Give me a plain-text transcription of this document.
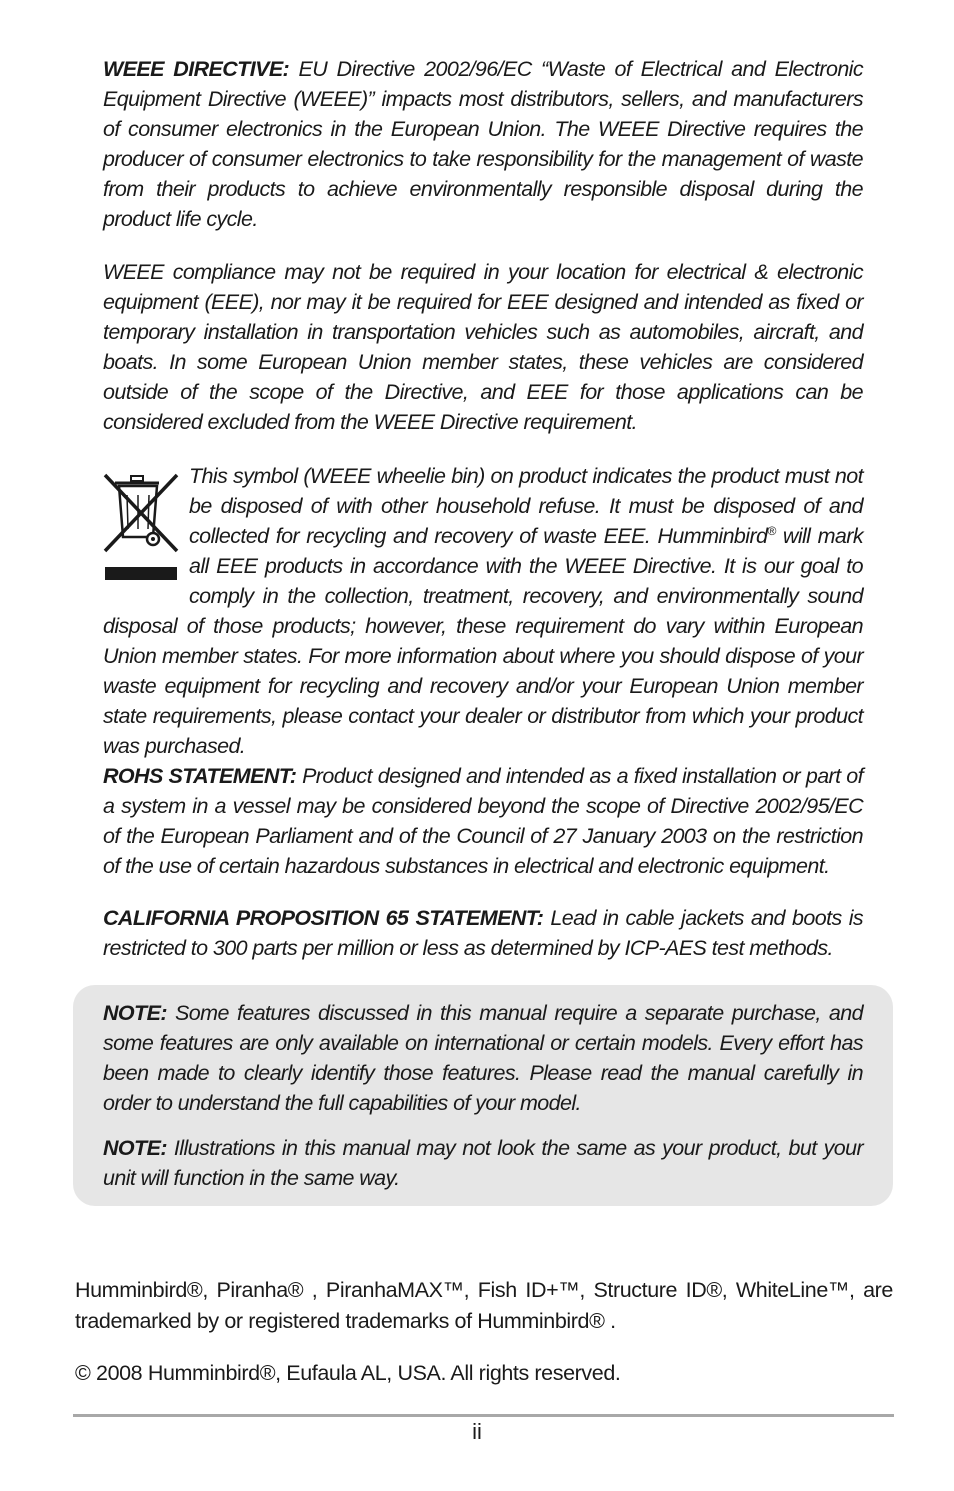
WEEE DIRECTIVE: EU Directive 2002/96/EC “Waste of Electrical and Electronic Equipment Directive (WEEE)” impacts most distributors, sellers, and manufacturers of consumer electronics in the European Union. The WEEE Directive requires the producer of consumer electronics to take responsibility for the management of waste from their products to achieve environmentally responsible disposal during the product life cycle.

WEEE compliance may not be required in your location for electrical & electronic equipment (EEE), nor may it be required for EEE designed and intended as fixed or temporary installation in transportation vehicles such as automobiles, aircraft, and boats. In some European Union member states, these vehicles are considered outside of the scope of the Directive, and EEE for those applications can be considered excluded from the WEEE Directive requirement.

This symbol (WEEE wheelie bin) on product indicates the product must not be disposed of with other household refuse. It must be disposed of and collected for recycling and recovery of waste EEE. Humminbird® will mark all EEE products in accordance with the WEEE Directive. It is our goal to comply in the collection, treatment, recovery, and environmentally sound disposal of those products; however, these requirement do vary within European Union member states. For more information about where you should dispose of your waste equipment for recycling and recovery and/or your European Union member state requirements, please contact your dealer or distributor from which your product was purchased.

ROHS STATEMENT: Product designed and intended as a fixed installation or part of a system in a vessel may be considered beyond the scope of Directive 2002/95/EC of the European Parliament and of the Council of 27 January 2003 on the restriction of the use of certain hazardous substances in electrical and electronic equipment.

CALIFORNIA PROPOSITION 65 STATEMENT: Lead in cable jackets and boots is restricted to 300 parts per million or less as determined by ICP-AES test methods.

NOTE: Some features discussed in this manual require a separate purchase, and some features are only available on international or certain models. Every effort has been made to clearly identify those features. Please read the manual carefully in order to understand the full capabilities of your model.
NOTE: Illustrations in this manual may not look the same as your product, but your unit will function in the same way.
Humminbird®, Piranha® , PiranhaMAX™, Fish ID+™, Structure ID®, WhiteLine™, are trademarked by or registered trademarks of Humminbird® .
© 2008 Humminbird®, Eufaula AL, USA. All rights reserved.
ii
